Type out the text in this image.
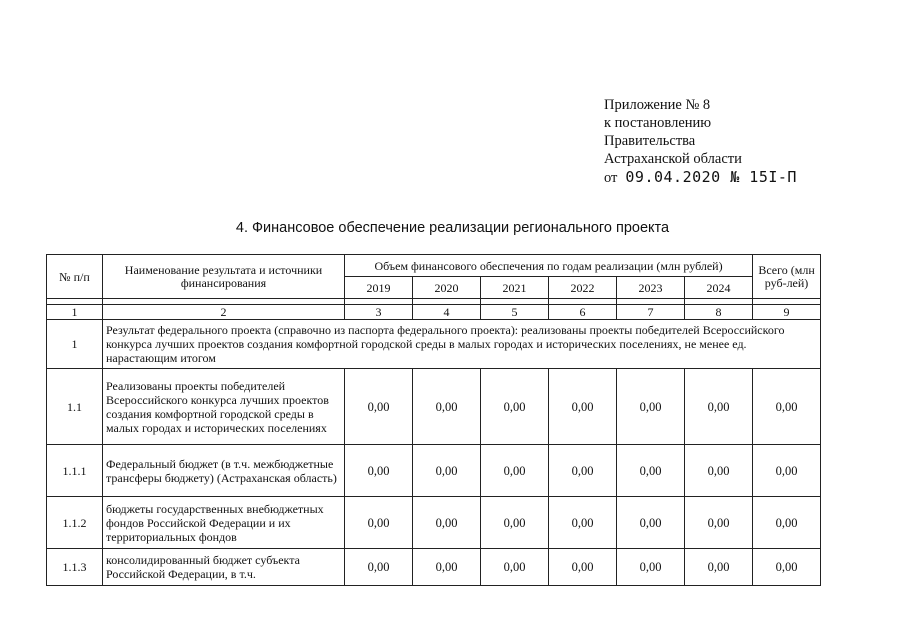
Приложение № 8
к постановлению
Правительства
Астраханской области
от 09.04.2020 № 15I-П
4. Финансовое обеспечение реализации регионального проекта
№ п/п	Наименование результата и источники финансирования	Объем финансового обеспечения по годам реализации (млн рублей)						Всего (млн руб-лей)
		2019	2020	2021	2022	2023	2024	

1	2	3	4	5	6	7	8	9
1	Результат федерального проекта (справочно из паспорта федерального проекта): реализованы проекты победителей Всероссийского конкурса лучших проектов создания комфортной городской среды в малых городах и исторических поселениях, не менее ед. нарастающим итогом							
1.1	Реализованы проекты победителей Всероссийского конкурса лучших проектов создания комфортной городской среды в малых городах и исторических поселениях	0,00	0,00	0,00	0,00	0,00	0,00	0,00
1.1.1	Федеральный бюджет (в т.ч. межбюджетные трансферы бюджету) (Астраханская область)	0,00	0,00	0,00	0,00	0,00	0,00	0,00
1.1.2	бюджеты государственных внебюджетных фондов Российской Федерации и их территориальных фондов	0,00	0,00	0,00	0,00	0,00	0,00	0,00
1.1.3	консолидированный бюджет субъекта Российской Федерации, в т.ч.	0,00	0,00	0,00	0,00	0,00	0,00	0,00
